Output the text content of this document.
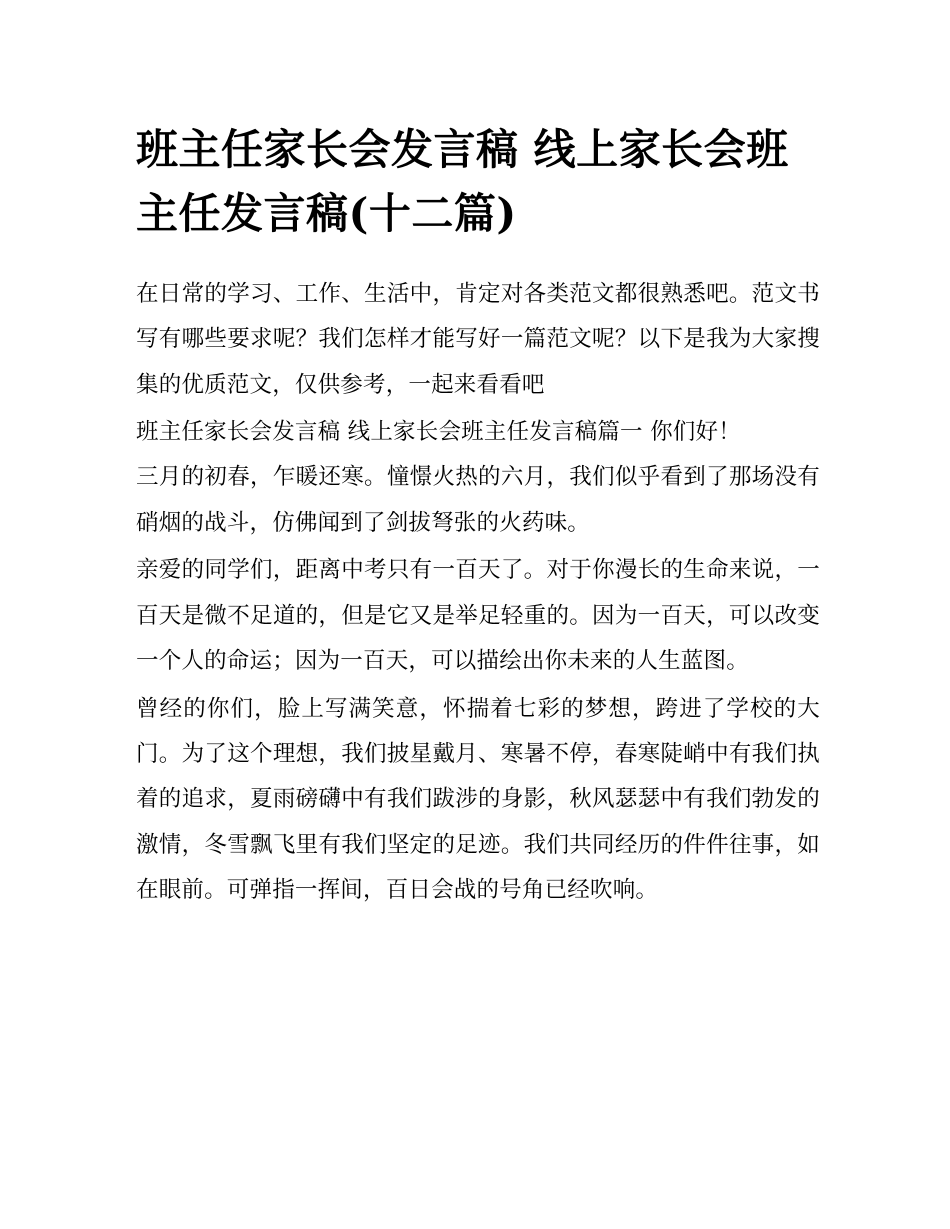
班主任家长会发言稿 线上家长会班主任发言稿(十二篇)

在日常的学习、工作、生活中，肯定对各类范文都很熟悉吧。范文书写有哪些要求呢？我们怎样才能写好一篇范文呢？以下是我为大家搜集的优质范文，仅供参考，一起来看看吧

班主任家长会发言稿 线上家长会班主任发言稿篇一 你们好！

三月的初春，乍暖还寒。憧憬火热的六月，我们似乎看到了那场没有硝烟的战斗，仿佛闻到了剑拔弩张的火药味。

亲爱的同学们，距离中考只有一百天了。对于你漫长的生命来说，一百天是微不足道的，但是它又是举足轻重的。因为一百天，可以改变一个人的命运；因为一百天，可以描绘出你未来的人生蓝图。

曾经的你们，脸上写满笑意，怀揣着七彩的梦想，跨进了学校的大门。为了这个理想，我们披星戴月、寒暑不停，春寒陡峭中有我们执着的追求，夏雨磅礴中有我们跋涉的身影，秋风瑟瑟中有我们勃发的激情，冬雪飘飞里有我们坚定的足迹。我们共同经历的件件往事，如在眼前。可弹指一挥间，百日会战的号角已经吹响。
